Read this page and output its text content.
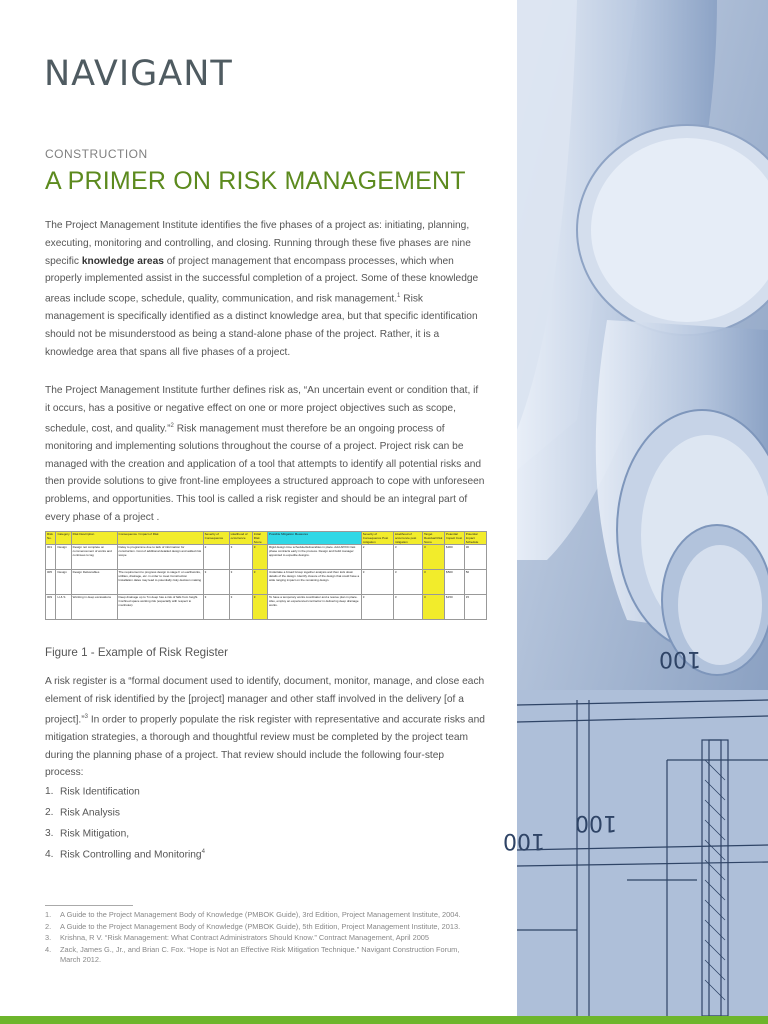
NAVIGANT
CONSTRUCTION
A PRIMER ON RISK MANAGEMENT
The Project Management Institute identifies the five phases of a project as: initiating, planning, executing, monitoring and controlling, and closing. Running through these five phases are nine specific knowledge areas of project management that encompass processes, which when properly implemented assist in the successful completion of a project. Some of these knowledge areas include scope, schedule, quality, communication, and risk management.$^1$ Risk management is specifically identified as a distinct knowledge area, but that specific identification should not be misunderstood as being a stand-alone phase of the project. Rather, it is a knowledge area that spans all five phases of a project.
The Project Management Institute further defines risk as, “An uncertain event or condition that, if it occurs, has a positive or negative effect on one or more project objectives such as scope, schedule, cost, and quality.”$^2$ Risk management must therefore be an ongoing process of monitoring and implementing solutions throughout the course of a project. Project risk can be managed with the creation and application of a tool that attempts to identify all potential risks and then provide solutions to give front-line employees a structured approach to cope with unforeseen problems, and opportunities. This tool is called a risk register and should be an integral part of every phase of a project .
Risk No.	Category	Risk Description	Consequence / Impact of Risk	Severity of Consequence	Likelihood of occurrence	Initial Risk Score	Possible Mitigation Measures	Severity of Consequence Post mitigation	Likelihood of occurrence post mitigation	Target Residual Risk Score	Potential Impact Cost	Potential Impact Schedule
001	Design	Design not complete on commencement of works and continues to lag	Delay to programme due to lack of information for construction. Cost of additional detailed design and added risk scope	2	3	3	Rigid design time schedule/deliverables in place. Add AP/OC fast phase contracts early in the process. Design and build manager appointed to expedite designs.	2	3	3	$300	30
005	Design	Design Deliverables	The requirement to progress design to stage F on earthworks, utilities, drainage, etc. in order to meet Construction Installation dates may lead to potentially risky decision making	3	3	3	Undertake a broad Group together analysis and then lock down details of the design. Identify closure of the design that could have a wide ranging impact on the remaining design.	3	3	3	$500	50
009	H & S	Working in deep excavations	Deep drainage up to 7m deep has a risk of falls from height. Confined space working risk (especially with respect to manholes)	3	3	3	To have a temporary works coordinator and a rescue plan in place. Also, employ an experienced contractor in delivering deep drainage works.	3	3	3	$150	15
Figure 1 - Example of Risk Register
A risk register is a “formal document used to identify, document, monitor, manage, and close each element of risk identified by the [project] manager and other staff involved in the delivery [of a project].”$^3$ In order to properly populate the risk register with representative and accurate risks and mitigation strategies, a thorough and thoughtful review must be completed by the project team during the planning phase of a project. That review should include the following four-step process:
1. Risk Identification
2. Risk Analysis
3. Risk Mitigation,
4. Risk Controlling and Monitoring$^4$
1. A Guide to the Project Management Body of Knowledge (PMBOK Guide), 3rd Edition, Project Management Institute, 2004.
2. A Guide to the Project Management Body of Knowledge (PMBOK Guide), 5th Edition, Project Management Institute, 2013.
3. Krishna, R V. “Risk Management: What Contract Administrators Should Know.” Contract Management, April 2005
4. Zack, James G., Jr., and Brian C. Fox. “Hope is Not an Effective Risk Mitigation Technique.” Navigant Construction Forum, March 2012.
100
100
100
